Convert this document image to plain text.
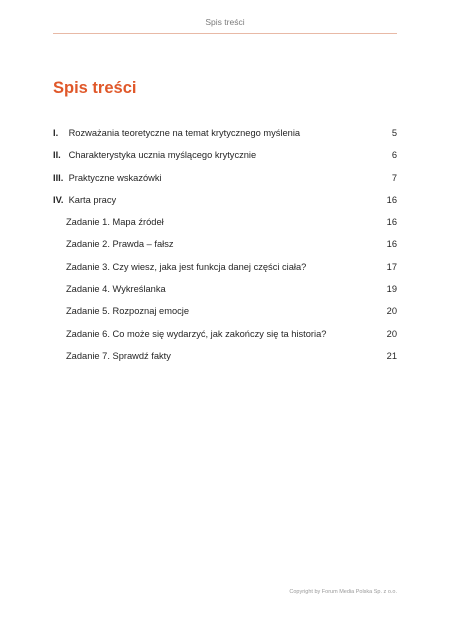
Spis treści
Spis treści
I. Rozważania teoretyczne na temat krytycznego myślenia	5
II. Charakterystyka ucznia myślącego krytycznie	6
III. Praktyczne wskazówki	7
IV. Karta pracy	16
Zadanie 1. Mapa źródeł	16
Zadanie 2. Prawda – fałsz	16
Zadanie 3. Czy wiesz, jaka jest funkcja danej części ciała?	17
Zadanie 4. Wykreślanka	19
Zadanie 5. Rozpoznaj emocje	20
Zadanie 6. Co może się wydarzyć, jak zakończy się ta historia?	20
Zadanie 7. Sprawdź fakty	21
Copyright by Forum Media Polska Sp. z o.o.
